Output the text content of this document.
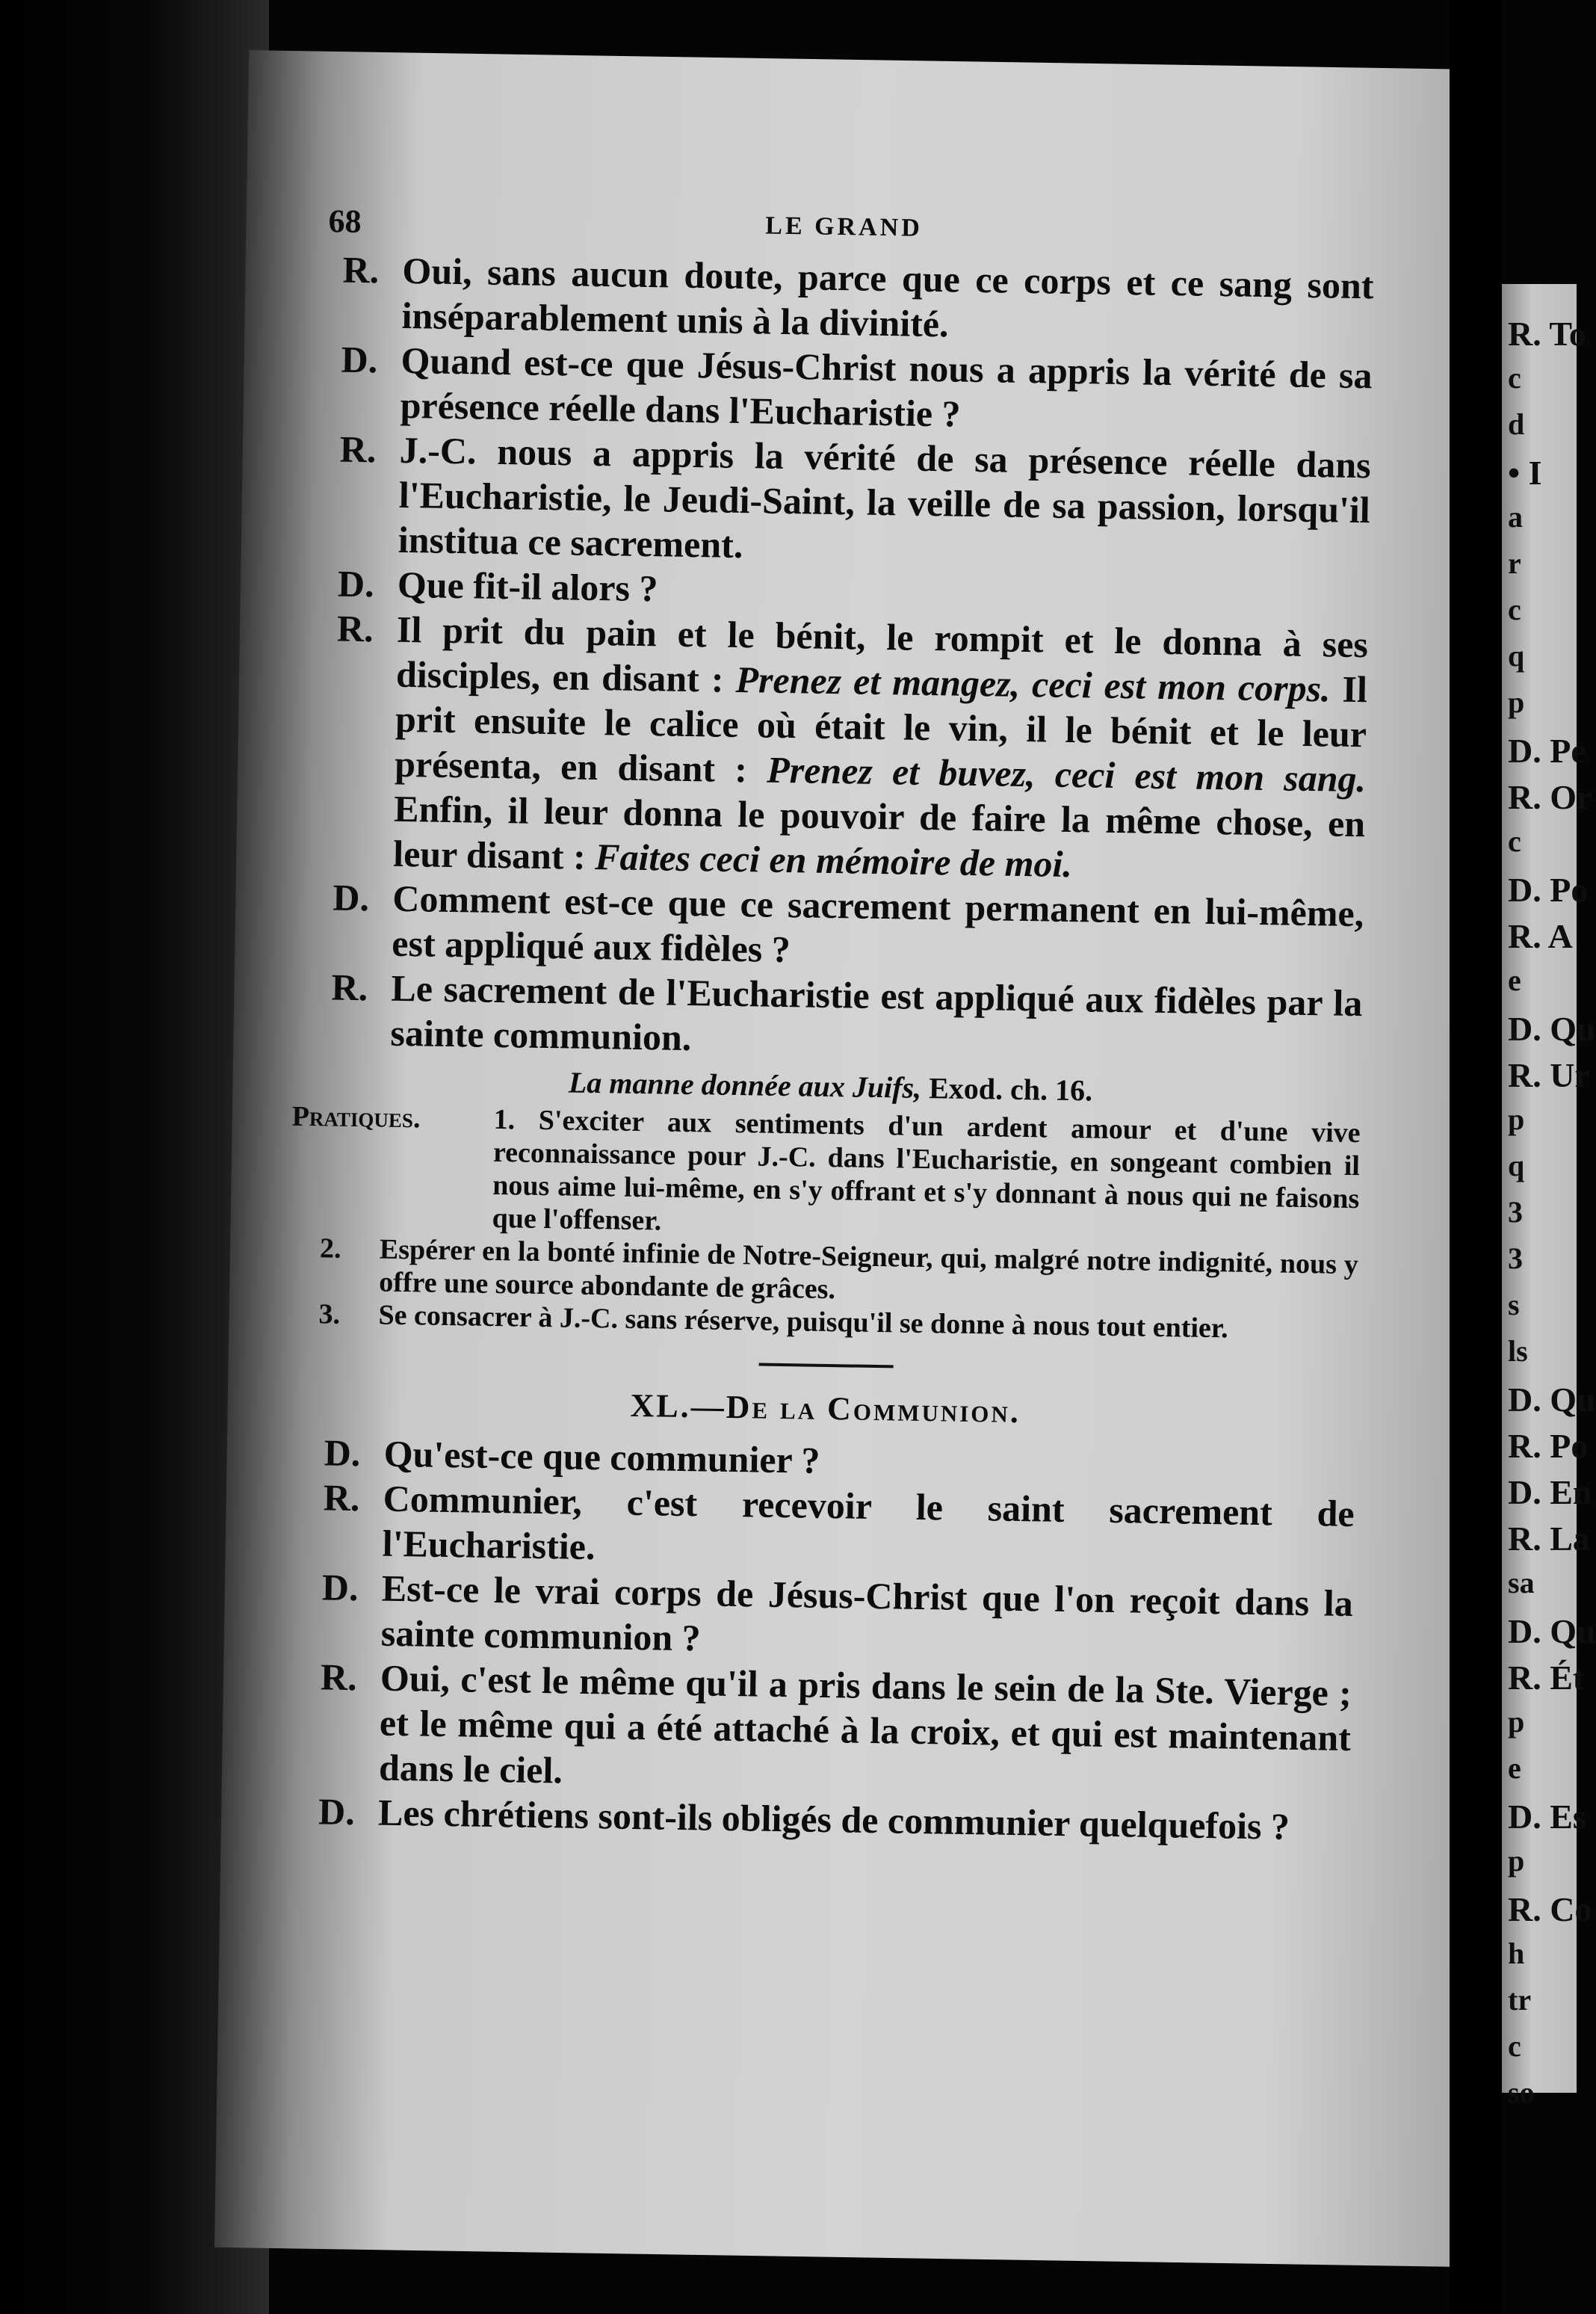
68	LE GRAND
R. Oui, sans aucun doute, parce que ce corps et ce sang sont inséparablement unis à la divinité.
D. Quand est-ce que Jésus-Christ nous a appris la vérité de sa présence réelle dans l'Eucharistie ?
R. J.-C. nous a appris la vérité de sa présence réelle dans l'Eucharistie, le Jeudi-Saint, la veille de sa passion, lorsqu'il institua ce sacrement.
D. Que fit-il alors ?
R. Il prit du pain et le bénit, le rompit et le donna à ses disciples, en disant : Prenez et mangez, ceci est mon corps. Il prit ensuite le calice où était le vin, il le bénit et le leur présenta, en disant : Prenez et buvez, ceci est mon sang. Enfin, il leur donna le pouvoir de faire la même chose, en leur disant : Faites ceci en mémoire de moi.
D. Comment est-ce que ce sacrement permanent en lui-même, est appliqué aux fidèles ?
R. Le sacrement de l'Eucharistie est appliqué aux fidèles par la sainte communion.
La manne donnée aux Juifs, Exod. ch. 16.
Pratiques.	1. S'exciter aux sentiments d'un ardent amour et d'une vive reconnaissance pour J.-C. dans l'Eucharistie, en songeant combien il nous aime lui-même, en s'y offrant et s'y donnant à nous qui ne faisons que l'offenser.
2. Espérer en la bonté infinie de Notre-Seigneur, qui, malgré notre indignité, nous y offre une source abondante de grâces.
3. Se consacrer à J.-C. sans réserve, puisqu'il se donne à nous tout entier.
XL.—De la Communion.
D. Qu'est-ce que communier ?
R. Communier, c'est recevoir le saint sacrement de l'Eucharistie.
D. Est-ce le vrai corps de Jésus-Christ que l'on reçoit dans la sainte communion ?
R. Oui, c'est le même qu'il a pris dans le sein de la Ste. Vierge ; et le même qui a été attaché à la croix, et qui est maintenant dans le ciel.
D. Les chrétiens sont-ils obligés de communier quelquefois ?
R. To
c
d
• I
a
r
c
q
p
D. Pe
R. Or
c
D. Po
R. A
e
D. Qu
R. Ur
p
q
3
3
s
ls
D. Qu
R. Po
D. En
R. La
sa
D. Qu
R. Ét
p
e
D. Es
p
R. Co
h
tr
c
so
